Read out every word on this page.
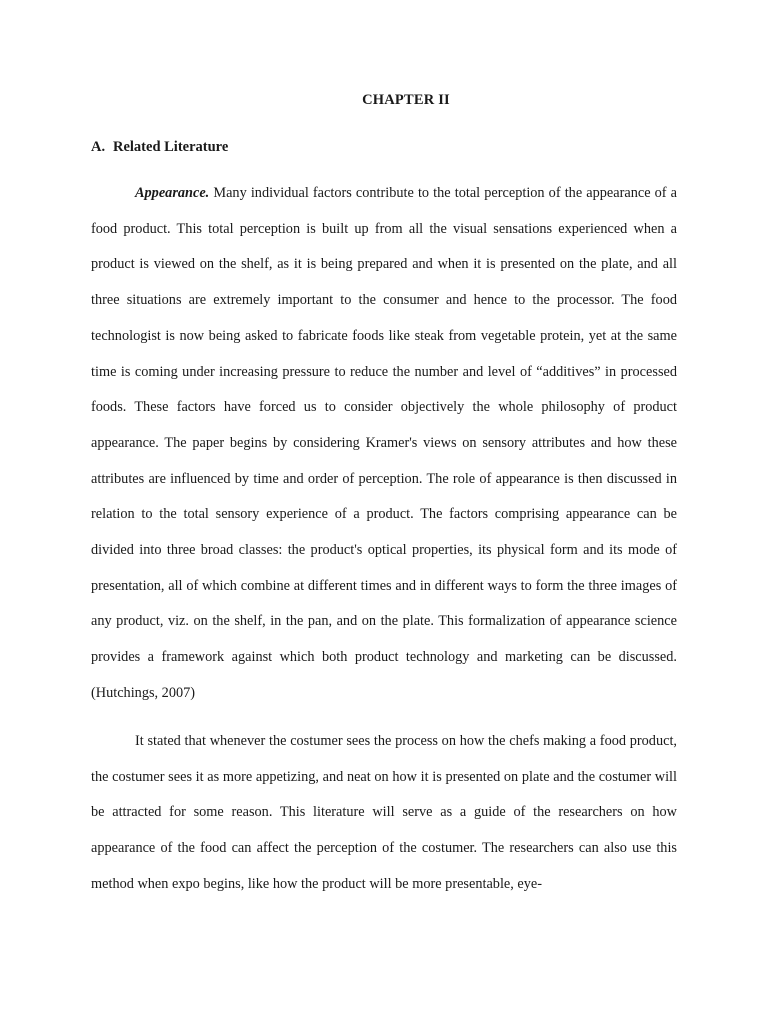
CHAPTER II
A. Related Literature

Appearance. Many individual factors contribute to the total perception of the appearance of a food product. This total perception is built up from all the visual sensations experienced when a product is viewed on the shelf, as it is being prepared and when it is presented on the plate, and all three situations are extremely important to the consumer and hence to the processor. The food technologist is now being asked to fabricate foods like steak from vegetable protein, yet at the same time is coming under increasing pressure to reduce the number and level of “additives” in processed foods. These factors have forced us to consider objectively the whole philosophy of product appearance. The paper begins by considering Kramer's views on sensory attributes and how these attributes are influenced by time and order of perception. The role of appearance is then discussed in relation to the total sensory experience of a product. The factors comprising appearance can be divided into three broad classes: the product's optical properties, its physical form and its mode of presentation, all of which combine at different times and in different ways to form the three images of any product, viz. on the shelf, in the pan, and on the plate. This formalization of appearance science provides a framework against which both product technology and marketing can be discussed. (Hutchings, 2007)

It stated that whenever the costumer sees the process on how the chefs making a food product, the costumer sees it as more appetizing, and neat on how it is presented on plate and the costumer will be attracted for some reason. This literature will serve as a guide of the researchers on how appearance of the food can affect the perception of the costumer. The researchers can also use this method when expo begins, like how the product will be more presentable, eye-
